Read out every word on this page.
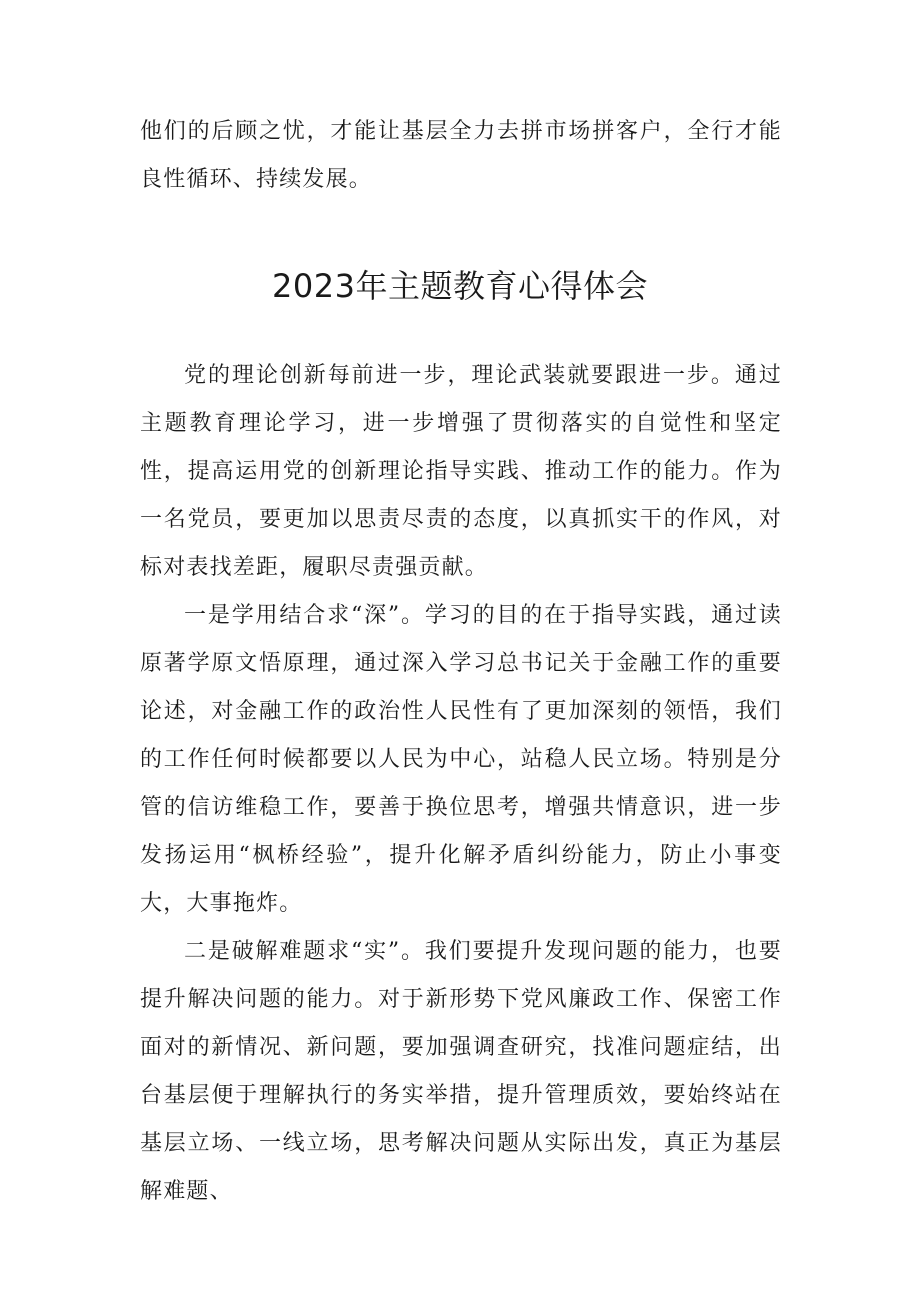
他们的后顾之忧，才能让基层全力去拼市场拼客户，全行才能良性循环、持续发展。

2023年主题教育心得体会

党的理论创新每前进一步，理论武装就要跟进一步。通过主题教育理论学习，进一步增强了贯彻落实的自觉性和坚定性，提高运用党的创新理论指导实践、推动工作的能力。作为一名党员，要更加以思责尽责的态度，以真抓实干的作风，对标对表找差距，履职尽责强贡献。

一是学用结合求“深”。学习的目的在于指导实践，通过读原著学原文悟原理，通过深入学习总书记关于金融工作的重要论述，对金融工作的政治性人民性有了更加深刻的领悟，我们的工作任何时候都要以人民为中心，站稳人民立场。特别是分管的信访维稳工作，要善于换位思考，增强共情意识，进一步发扬运用“枫桥经验”，提升化解矛盾纠纷能力，防止小事变大，大事拖炸。

二是破解难题求“实”。我们要提升发现问题的能力，也要提升解决问题的能力。对于新形势下党风廉政工作、保密工作面对的新情况、新问题，要加强调查研究，找准问题症结，出台基层便于理解执行的务实举措，提升管理质效，要始终站在基层立场、一线立场，思考解决问题从实际出发，真正为基层解难题、
